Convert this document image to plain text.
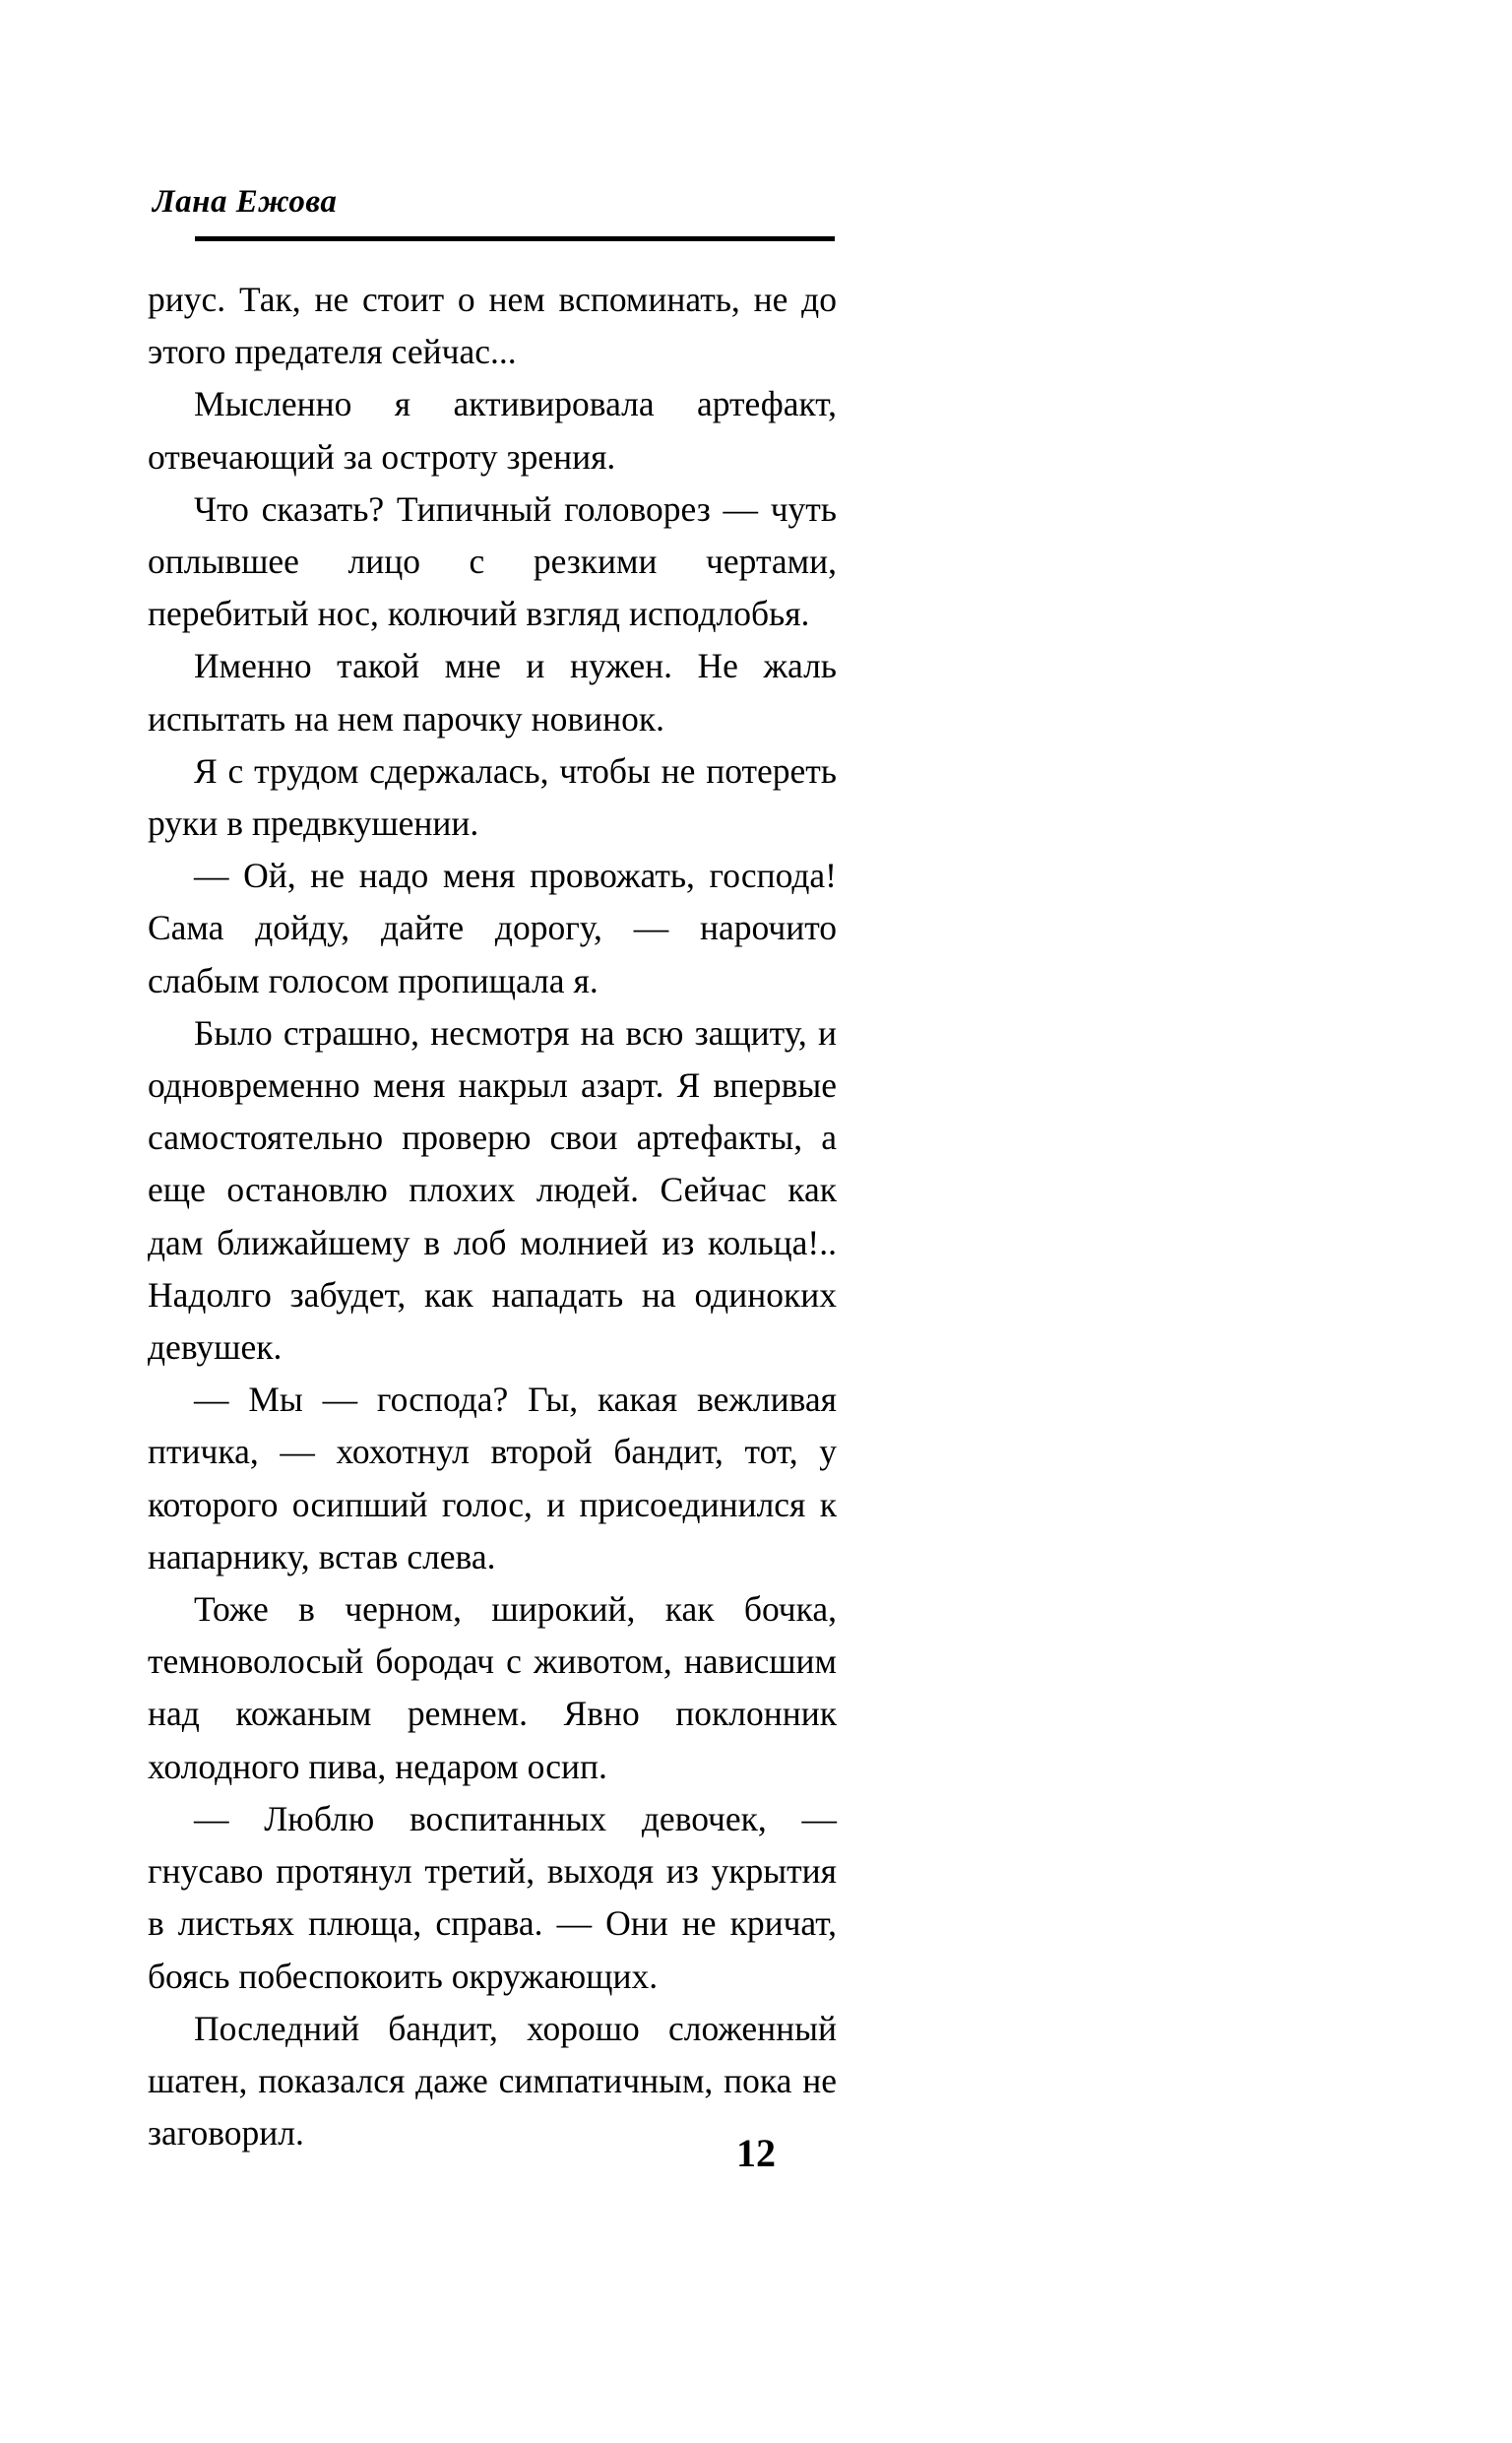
Лана Ежова

риус. Так, не стоит о нем вспоминать, не до этого предателя сейчас...

Мысленно я активировала артефакт, отвечающий за остроту зрения.

Что сказать? Типичный головорез — чуть оплывшее лицо с резкими чертами, перебитый нос, колючий взгляд исподлобья.

Именно такой мне и нужен. Не жаль испытать на нем парочку новинок.

Я с трудом сдержалась, чтобы не потереть руки в предвкушении.

— Ой, не надо меня провожать, господа! Сама дойду, дайте дорогу, — нарочито слабым голосом пропищала я.

Было страшно, несмотря на всю защиту, и одновременно меня накрыл азарт. Я впервые самостоятельно проверю свои артефакты, а еще остановлю плохих людей. Сейчас как дам ближайшему в лоб молнией из кольца!.. Надолго забудет, как нападать на одиноких девушек.

— Мы — господа? Гы, какая вежливая птичка, — хохотнул второй бандит, тот, у которого осипший голос, и присоединился к напарнику, встав слева.

Тоже в черном, широкий, как бочка, темноволосый бородач с животом, нависшим над кожаным ремнем. Явно поклонник холодного пива, недаром осип.

— Люблю воспитанных девочек, — гнусаво протянул третий, выходя из укрытия в листьях плюща, справа. — Они не кричат, боясь побеспокоить окружающих.

Последний бандит, хорошо сложенный шатен, показался даже симпатичным, пока не заговорил.	12
